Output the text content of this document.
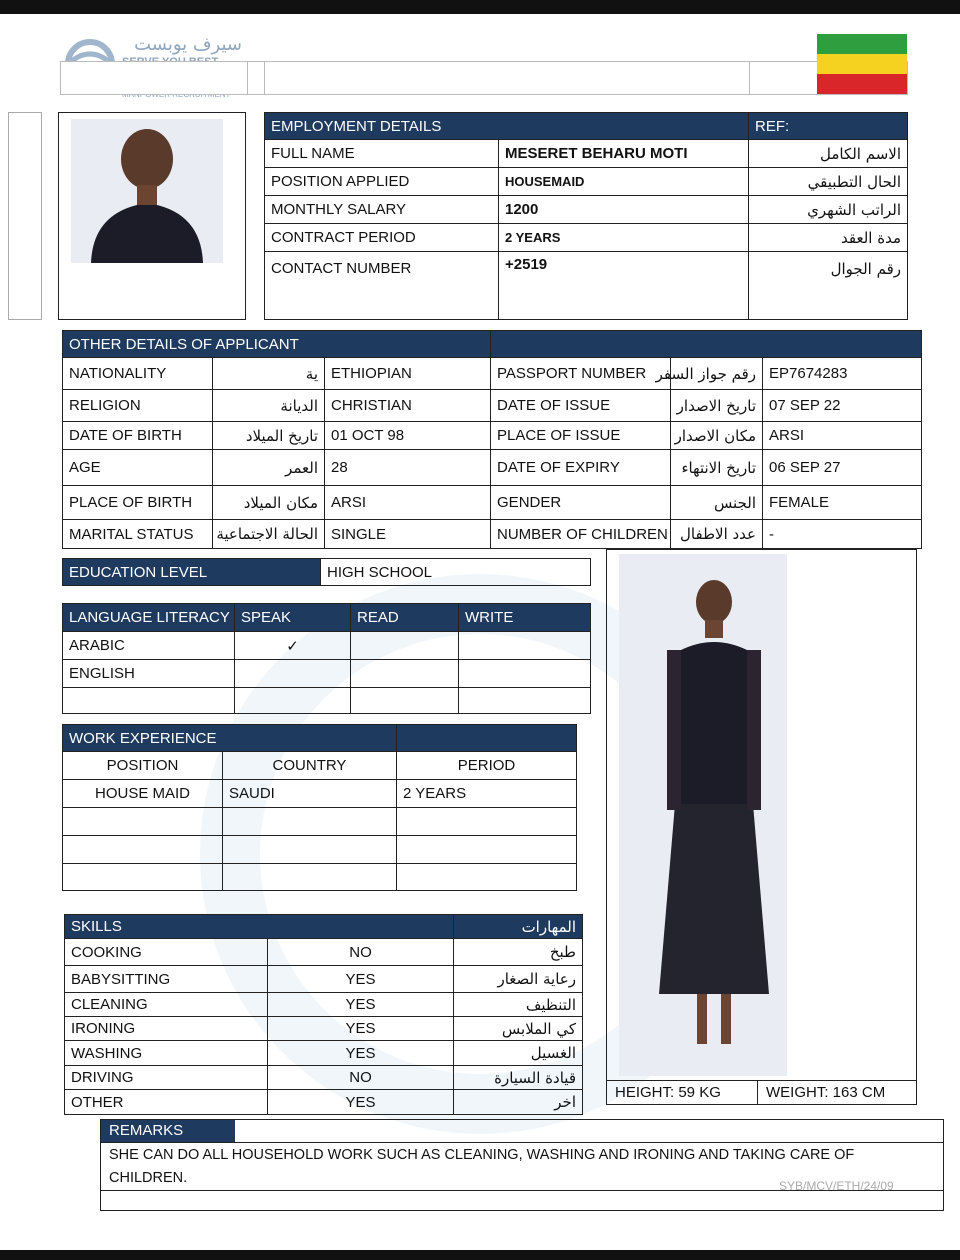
سيرف يوبست
EMPLOYMENT DETAILS		REF:
FULL NAME	MESERET BEHARU MOTI	الاسم الكامل
POSITION APPLIED	HOUSEMAID	الحال التطبيقي
MONTHLY SALARY	1200	الراتب الشهري
CONTRACT PERIOD	2 YEARS	مدة العقد
CONTACT NUMBER	+2519	رقم الجوال
OTHER DETAILS OF APPLICANT					
NATIONALITY	ية	ETHIOPIAN	PASSPORT NUMBER	رقم جواز السفر	EP7674283
RELIGION	الديانة	CHRISTIAN	DATE OF ISSUE	تاريخ الاصدار	07 SEP 22
DATE OF BIRTH	تاريخ الميلاد	01 OCT 98	PLACE OF ISSUE	مكان الاصدار	ARSI
AGE	العمر	28	DATE OF EXPIRY	تاريخ الانتهاء	06 SEP 27
PLACE OF BIRTH	مكان الميلاد	ARSI	GENDER	الجنس	FEMALE
MARITAL STATUS	الحالة الاجتماعية	SINGLE	NUMBER OF CHILDREN	عدد الاطفال	-
EDUCATION LEVEL	HIGH SCHOOL
LANGUAGE LITERACY	SPEAK	READ	WRITE
ARABIC	✓		
ENGLISH			

WORK EXPERIENCE		
POSITION	COUNTRY	PERIOD
HOUSE MAID	SAUDI	2 YEARS

SKILLS		المهارات
COOKING	NO	طبخ
BABYSITTING	YES	رعاية الصغار
CLEANING	YES	التنظيف
IRONING	YES	كي الملابس
WASHING	YES	الغسيل
DRIVING	NO	قيادة السيارة
OTHER	YES	اخر
HEIGHT: 59 KG	WEIGHT: 163 CM
REMARKS
SHE CAN DO ALL HOUSEHOLD WORK SUCH AS CLEANING, WASHING AND IRONING AND TAKING CARE OF
CHILDREN.	SYB/MCV/ETH/24/09
